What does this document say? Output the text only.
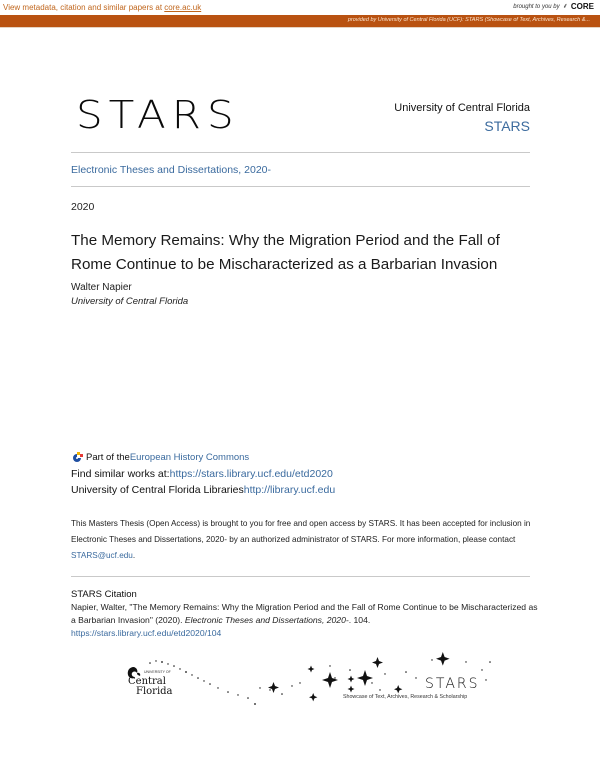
View metadata, citation and similar papers at core.ac.uk	brought to you by ⸙ CORE
provided by University of Central Florida (UCF): STARS (Showcase of Text, Archives, Research &...
STARS	University of Central Florida
STARS
Electronic Theses and Dissertations, 2020-
2020
The Memory Remains: Why the Migration Period and the Fall of Rome Continue to be Mischaracterized as a Barbarian Invasion
Walter Napier
University of Central Florida
Part of the European History Commons
Find similar works at: https://stars.library.ucf.edu/etd2020
University of Central Florida Libraries http://library.ucf.edu
This Masters Thesis (Open Access) is brought to you for free and open access by STARS. It has been accepted for inclusion in Electronic Theses and Dissertations, 2020- by an authorized administrator of STARS. For more information, please contact STARS@ucf.edu.
STARS Citation
Napier, Walter, "The Memory Remains: Why the Migration Period and the Fall of Rome Continue to be Mischaracterized as a Barbarian Invasion" (2020). Electronic Theses and Dissertations, 2020-. 104.
https://stars.library.ucf.edu/etd2020/104
UNIVERSITY OF
Central
Florida	STARS
Showcase of Text, Archives, Research & Scholarship
